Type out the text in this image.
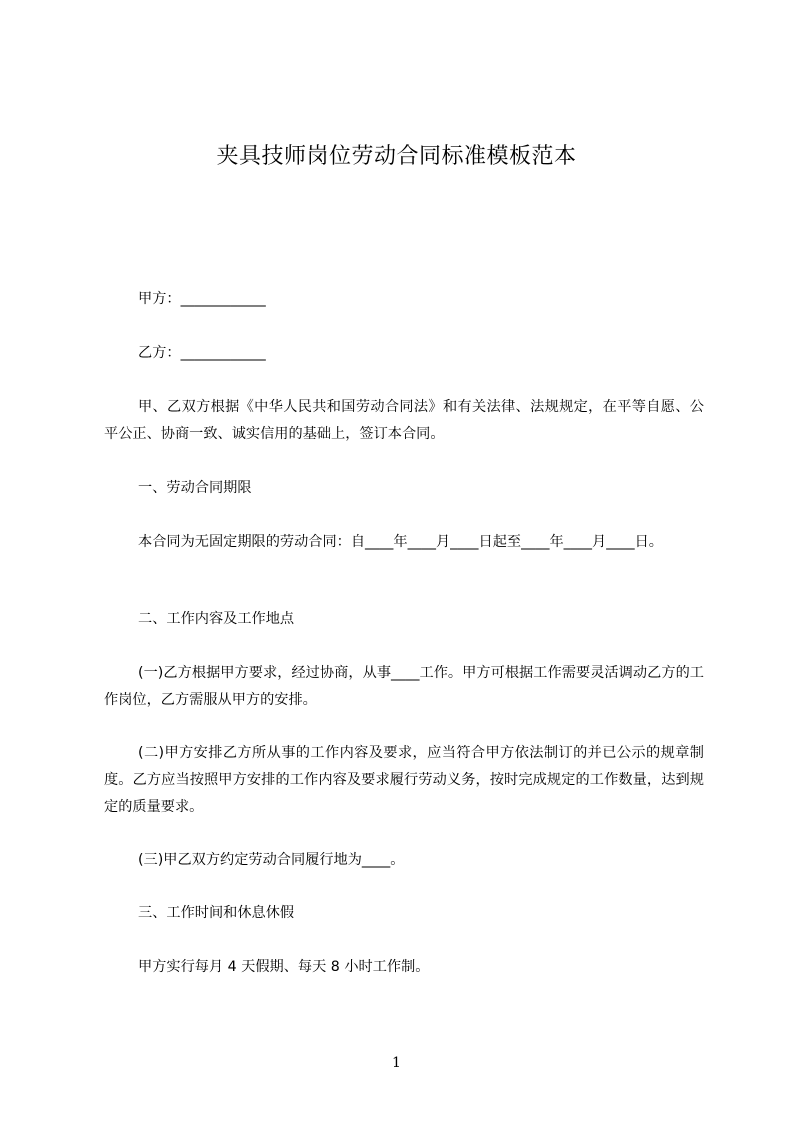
夹具技师岗位劳动合同标准模板范本

甲方：____________

乙方：____________

甲、乙双方根据《中华人民共和国劳动合同法》和有关法律、法规规定，在平等自愿、公平公正、协商一致、诚实信用的基础上，签订本合同。

一、劳动合同期限

本合同为无固定期限的劳动合同：自____年____月____日起至____年____月____日。

二、工作内容及工作地点

(一)乙方根据甲方要求，经过协商，从事____工作。甲方可根据工作需要灵活调动乙方的工作岗位，乙方需服从甲方的安排。

(二)甲方安排乙方所从事的工作内容及要求，应当符合甲方依法制订的并已公示的规章制度。乙方应当按照甲方安排的工作内容及要求履行劳动义务，按时完成规定的工作数量，达到规定的质量要求。

(三)甲乙双方约定劳动合同履行地为____。

三、工作时间和休息休假

甲方实行每月 4 天假期、每天 8 小时工作制。

1
